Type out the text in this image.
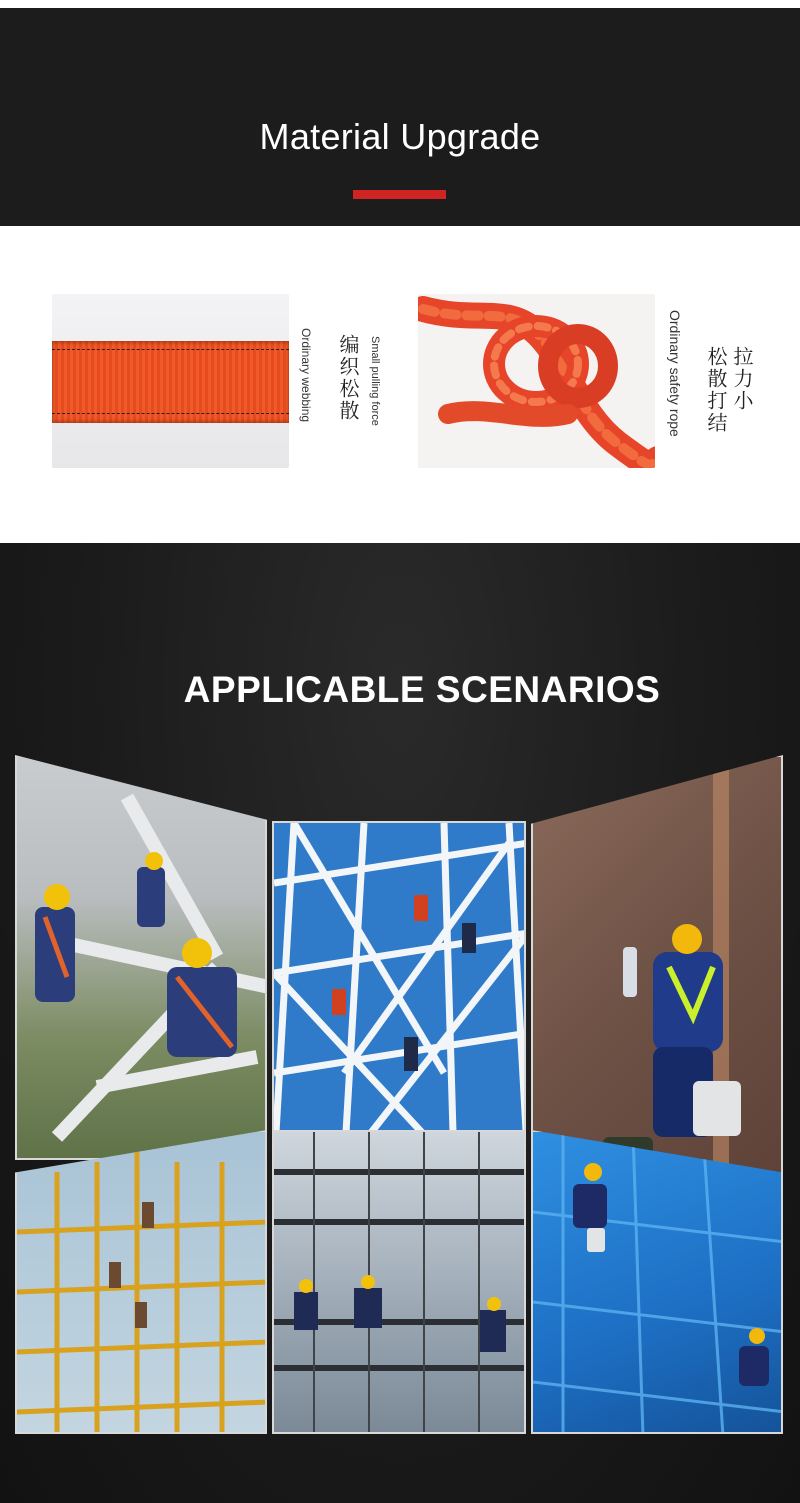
Material Upgrade
Ordinary webbing 编织松散 Small pulling force	Ordinary safety rope 松散打结 拉力小
APPLICABLE SCENARIOS
